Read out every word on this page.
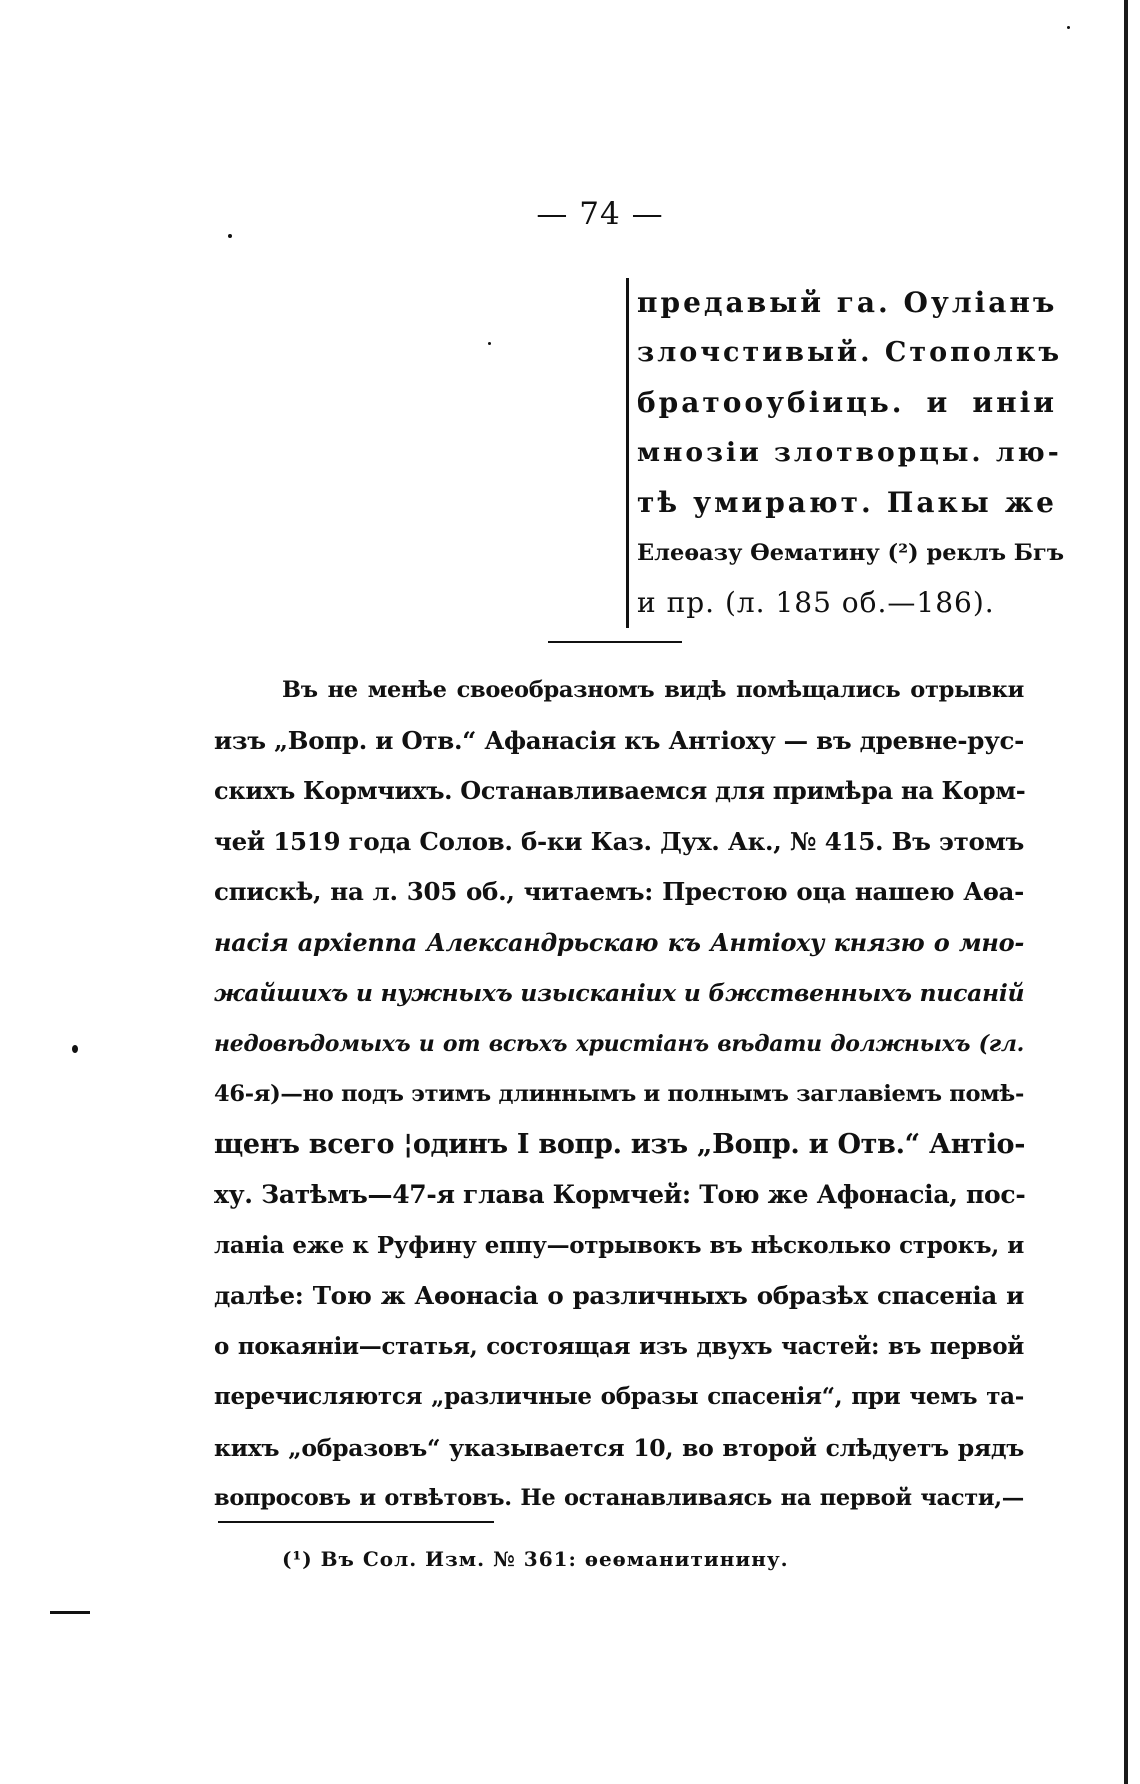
— 74 —
предавый га. Оуліанъ
злочстивый. Стополкъ
братооубіиць. и иніи
мнозіи злотворцы. лю-
тѣ умирают. Пакы же
Елеѳазу Ѳематину (²) реклъ Бгъ
и пр. (л. 185 об.—186).
Въ не менѣе своеобразномъ видѣ помѣщались отрывки
изъ „Вопр. и Отв.“ Афанасія къ Антіоху — въ древне-рус-
скихъ Кормчихъ. Останавливаемся для примѣра на Корм-
чей 1519 года Солов. б-ки Каз. Дух. Ак., № 415. Въ этомъ
спискѣ, на л. 305 об., читаемъ: Престою оца нашею Аѳа-
насія архіеппа Александрьскаю къ Антіоху князю о мно-
жайшихъ и нужныхъ изысканіих и бжственныхъ писаній
недовѣдомыхъ и от всѣхъ христіанъ вѣдати должныхъ (гл.
46-я)—но подъ этимъ длиннымъ и полнымъ заглавіемъ помѣ-
щенъ всего ¦одинъ I вопр. изъ „Вопр. и Отв.“ Антіо-
ху. Затѣмъ—47-я глава Кормчей: Тою же Афонасіа, пос-
ланіа еже к Руфину еппу—отрывокъ въ нѣсколько строкъ, и
далѣе: Тою ж Аѳонасіа о различныхъ образѣх спасеніа и
о покаяніи—статья, состоящая изъ двухъ частей: въ первой
перечисляются „различные образы спасенія“, при чемъ та-
кихъ „образовъ“ указывается 10, во второй слѣдуетъ рядъ
вопросовъ и отвѣтовъ. Не останавливаясь на первой части,—
(¹) Въ Сол. Изм. № 361: ѳеѳманитинину.
